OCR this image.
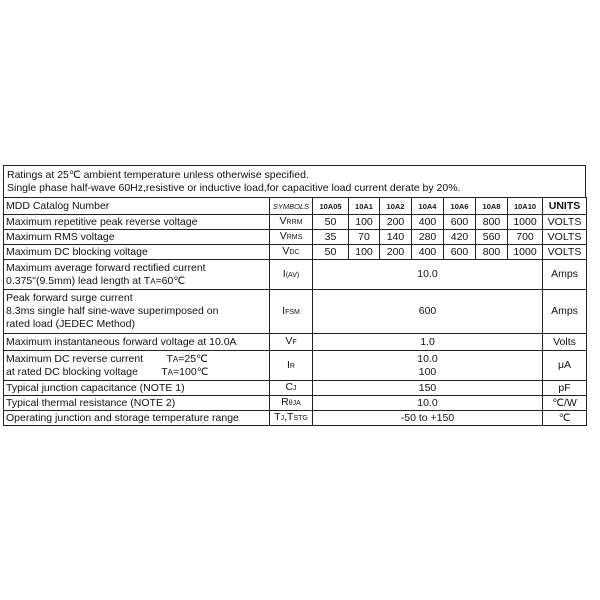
Ratings at 25℃ ambient temperature unless otherwise specified.
Single phase half-wave 60Hz,resistive or inductive load,for capacitive load current derate by 20%.
MDD Catalog Number	SYMBOLS	10A05	10A1	10A2	10A4	10A6	10A8	10A10	UNITS
Maximum repetitive peak reverse voltage	VRRM	50	100	200	400	600	800	1000	VOLTS
Maximum RMS voltage	VRMS	35	70	140	280	420	560	700	VOLTS
Maximum DC blocking voltage	VDC	50	100	200	400	600	800	1000	VOLTS

Maximum average forward rectified current
0.375"(9.5mm) lead length at TA=60℃	I(AV)	10.0							Amps

Peak forward surge current
8.3ms single half sine-wave superimposed on
rated load (JEDEC Method)	IFSM	600							Amps
Maximum instantaneous forward voltage at 10.0A	VF	1.0							Volts

Maximum DC reverse current TA=25℃
at rated DC blocking voltage TA=100℃	IR	10.0
100							μA
Typical junction capacitance (NOTE 1)	CJ	150							pF
Typical thermal resistance (NOTE 2)	RθJA	10.0							℃/W
Operating junction and storage temperature range	TJ,TSTG	-50 to +150							℃
